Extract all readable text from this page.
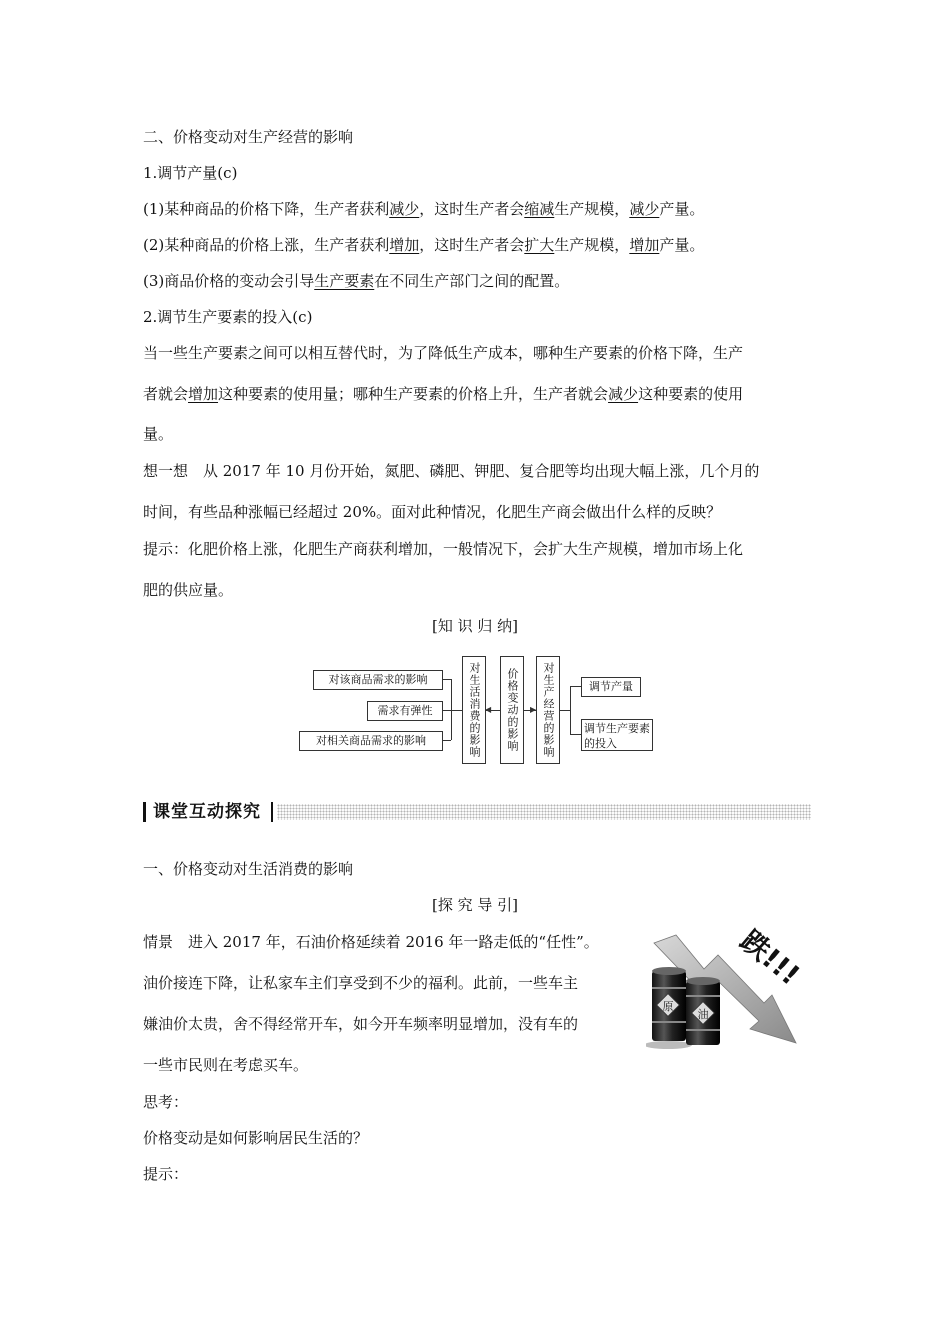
二、价格变动对生产经营的影响
1.调节产量(c)
(1)某种商品的价格下降，生产者获利减少，这时生产者会缩减生产规模，减少产量。
(2)某种商品的价格上涨，生产者获利增加，这时生产者会扩大生产规模，增加产量。
(3)商品价格的变动会引导生产要素在不同生产部门之间的配置。
2.调节生产要素的投入(c)
当一些生产要素之间可以相互替代时，为了降低生产成本，哪种生产要素的价格下降，生产
者就会增加这种要素的使用量；哪种生产要素的价格上升，生产者就会减少这种要素的使用
量。
想一想　从 2017 年 10 月份开始，氮肥、磷肥、钾肥、复合肥等均出现大幅上涨，几个月的
时间，有些品种涨幅已经超过 20%。面对此种情况，化肥生产商会做出什么样的反映？
提示：化肥价格上涨，化肥生产商获利增加，一般情况下，会扩大生产规模，增加市场上化
肥的供应量。
[知 识 归 纳]
对该商品需求的影响
需求有弹性
对相关商品需求的影响	对生活消费的影响 ◀	价格变动的影响	▶ 对生产经营的影响	调节产量
调节生产要素的投入
课堂互动探究
一、价格变动对生活消费的影响
[探 究 导 引]
情景　进入 2017 年，石油价格延续着 2016 年一路走低的“任性”。
油价接连下降，让私家车主们享受到不少的福利。此前，一些车主
嫌油价太贵，舍不得经常开车，如今开车频率明显增加，没有车的
一些市民则在考虑买车。
原
油
跌!!!
思考：
价格变动是如何影响居民生活的？
提示：
